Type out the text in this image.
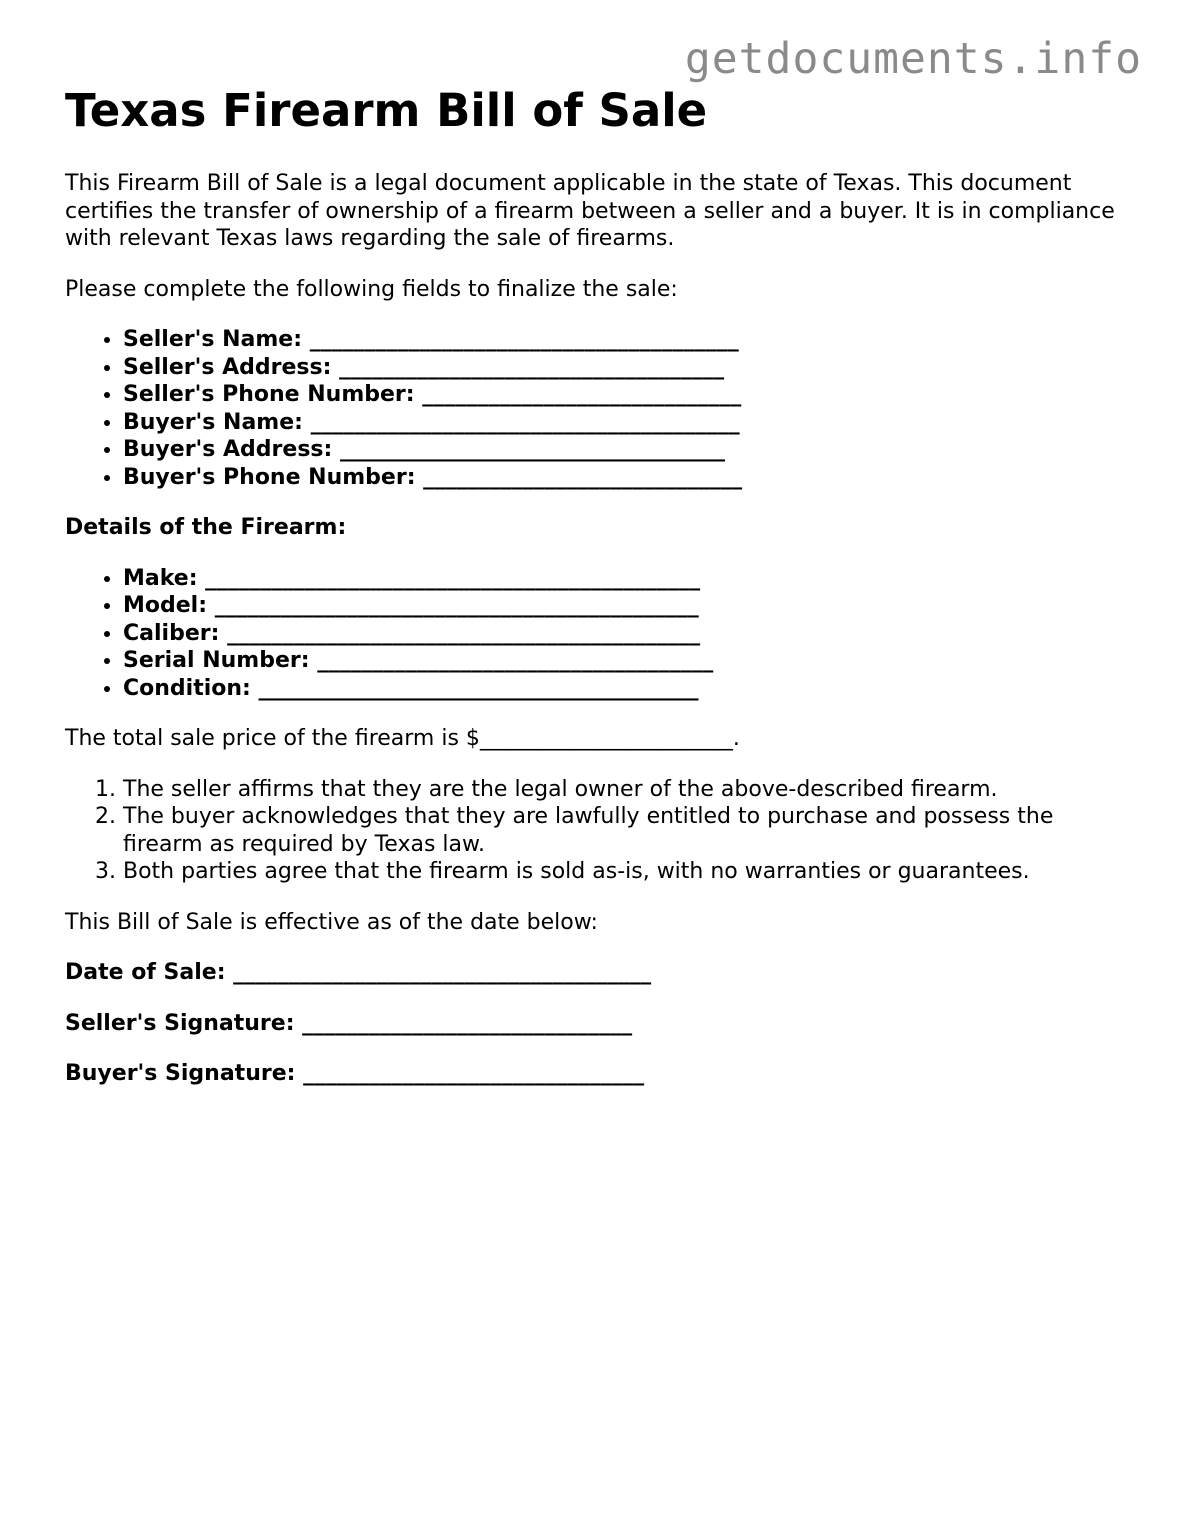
getdocuments.info
Texas Firearm Bill of Sale

This Firearm Bill of Sale is a legal document applicable in the state of Texas. This document certifies the transfer of ownership of a firearm between a seller and a buyer. It is in compliance with relevant Texas laws regarding the sale of firearms.

Please complete the following fields to finalize the sale:

• Seller's Name: _______________________________________
• Seller's Address: ___________________________________
• Seller's Phone Number: _____________________________
• Buyer's Name: _______________________________________
• Buyer's Address: ___________________________________
• Buyer's Phone Number: _____________________________

Details of the Firearm:

• Make: _____________________________________________
• Model: ____________________________________________
• Caliber: ___________________________________________
• Serial Number: ____________________________________
• Condition: ________________________________________

The total sale price of the firearm is $_______________________.

1. The seller affirms that they are the legal owner of the above-described firearm.
2. The buyer acknowledges that they are lawfully entitled to purchase and possess the firearm as required by Texas law.
3. Both parties agree that the firearm is sold as-is, with no warranties or guarantees.

This Bill of Sale is effective as of the date below:

Date of Sale: ______________________________________

Seller's Signature: ______________________________

Buyer's Signature: _______________________________
